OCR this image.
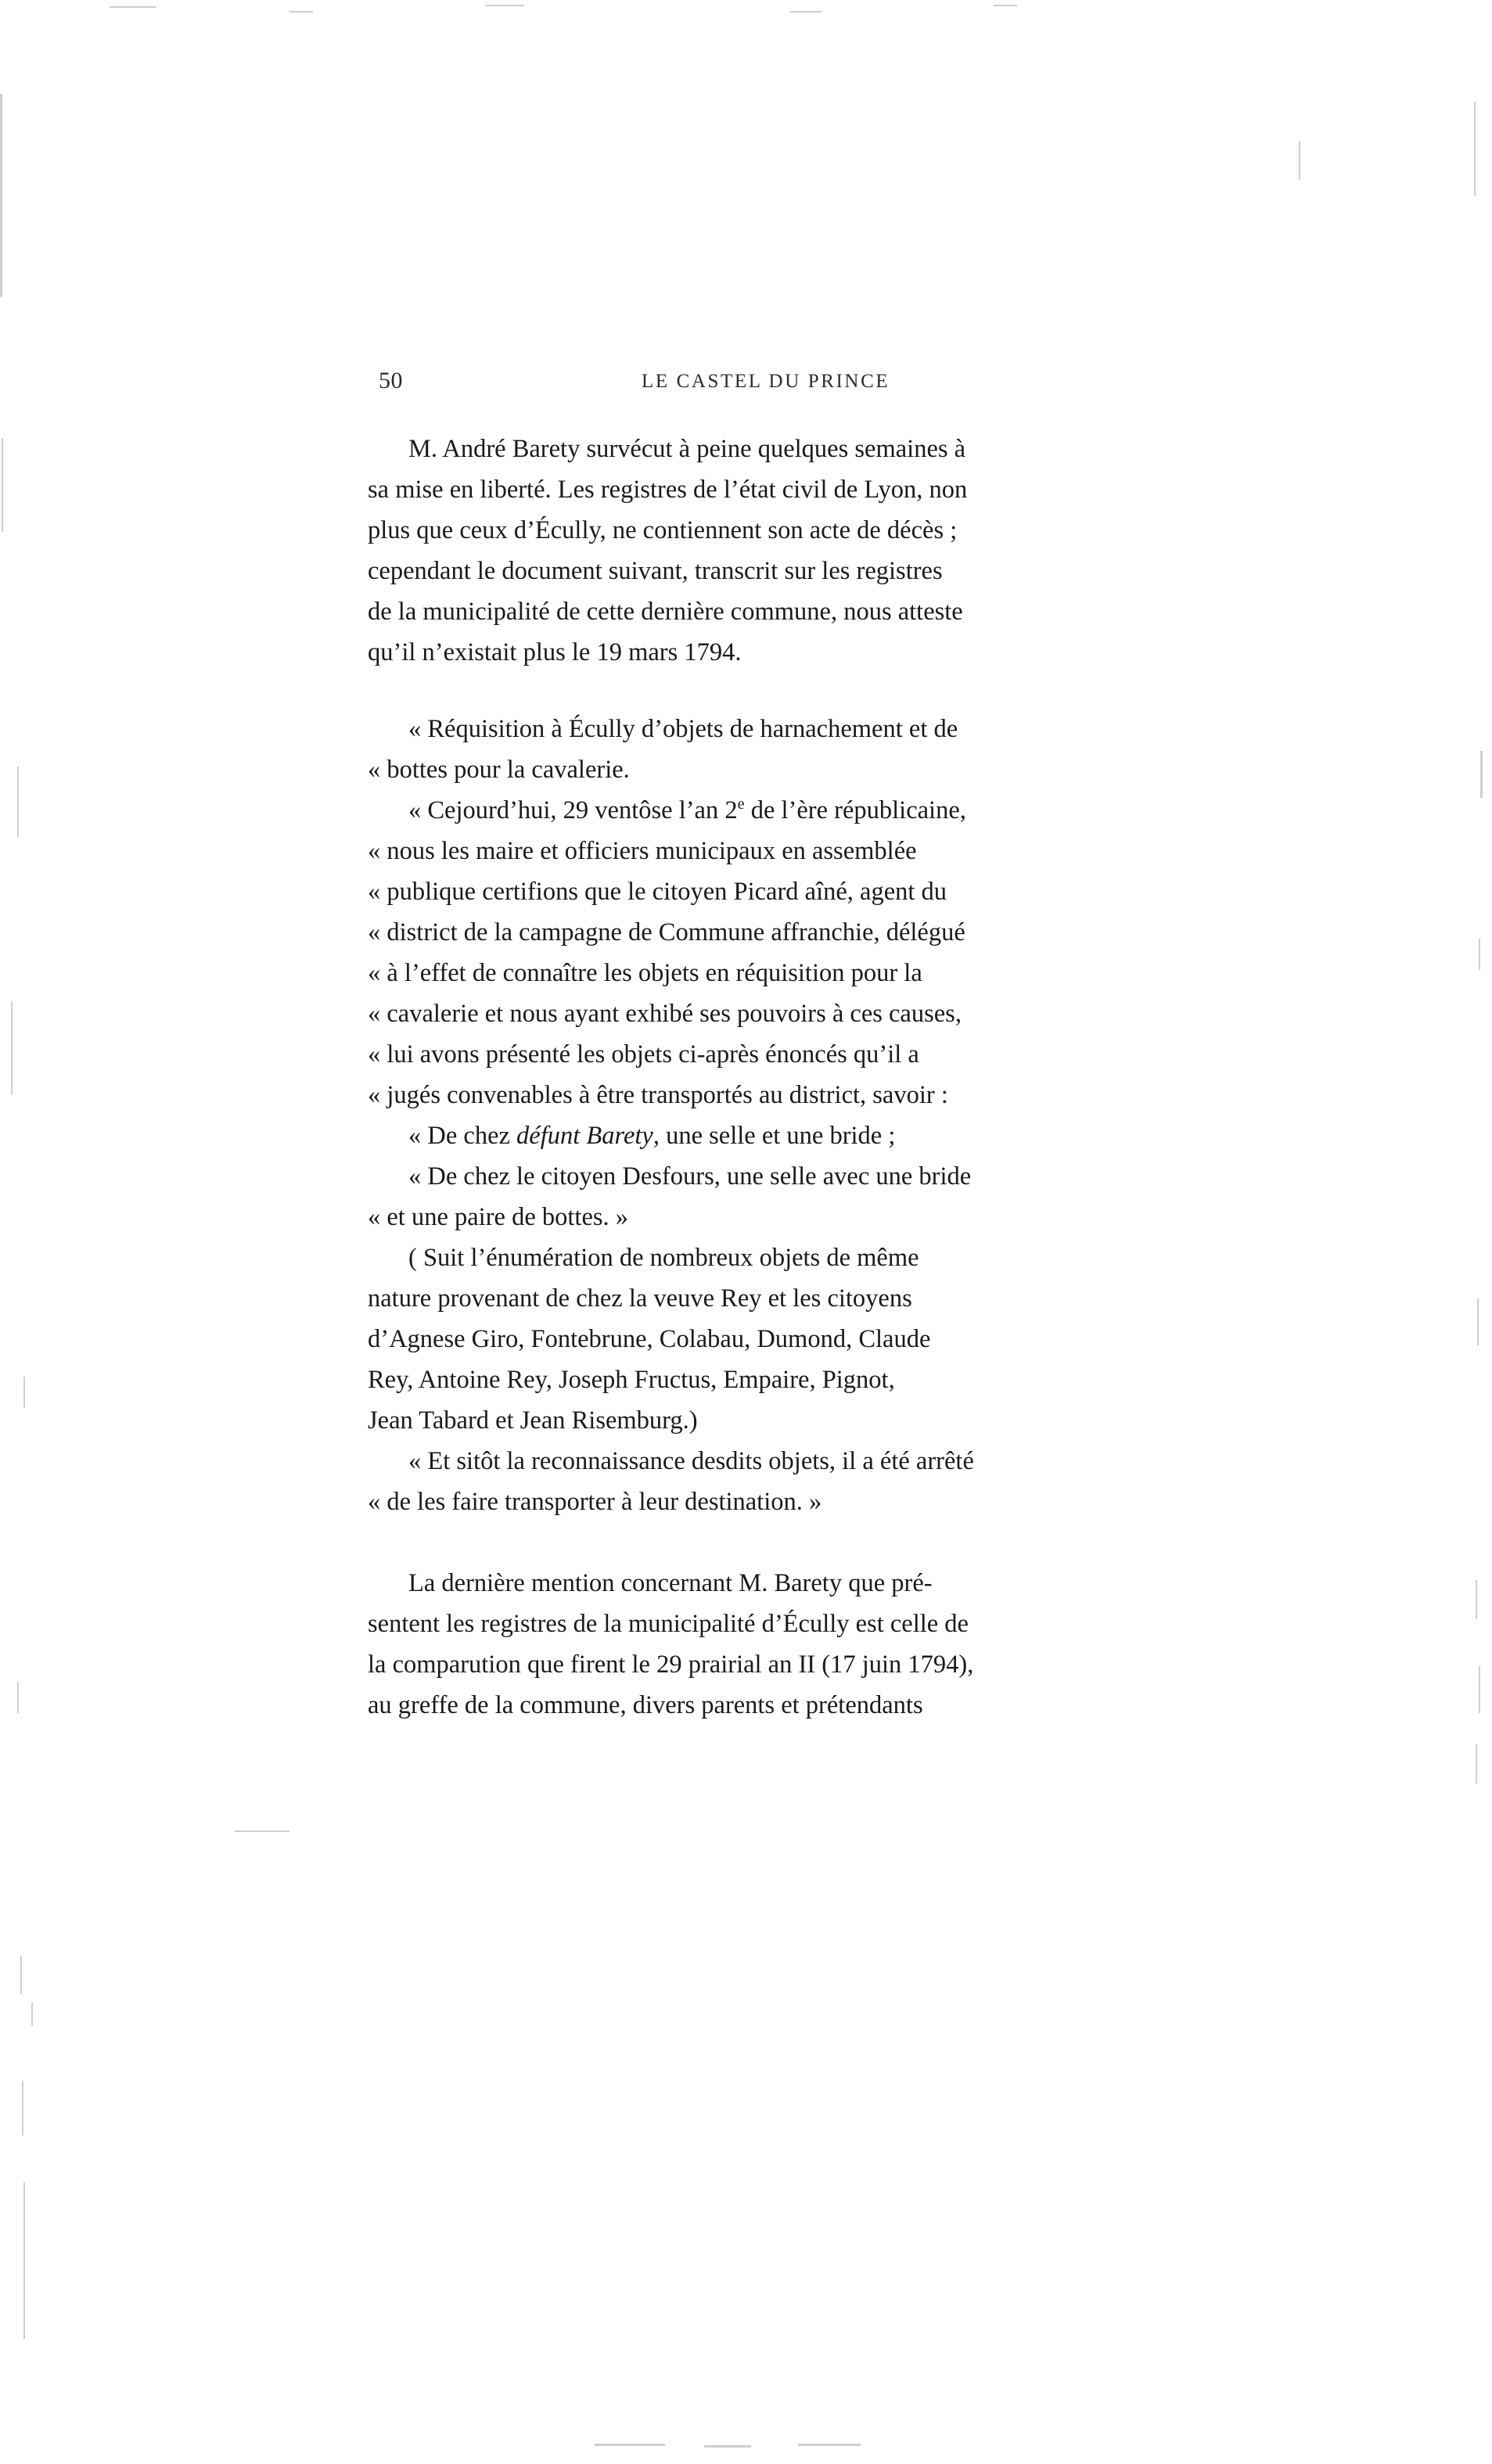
50	LE CASTEL DU PRINCE
M. André Barety survécut à peine quelques semaines à
sa mise en liberté. Les registres de l’état civil de Lyon, non
plus que ceux d’Écully, ne contiennent son acte de décès ;
cependant le document suivant, transcrit sur les registres
de la municipalité de cette dernière commune, nous atteste
qu’il n’existait plus le 19 mars 1794.
« Réquisition à Écully d’objets de harnachement et de
« bottes pour la cavalerie.
« Cejourd’hui, 29 ventôse l’an 2e de l’ère républicaine,
« nous les maire et officiers municipaux en assemblée
« publique certifions que le citoyen Picard aîné, agent du
« district de la campagne de Commune affranchie, délégué
« à l’effet de connaître les objets en réquisition pour la
« cavalerie et nous ayant exhibé ses pouvoirs à ces causes,
« lui avons présenté les objets ci-après énoncés qu’il a
« jugés convenables à être transportés au district, savoir :
« De chez défunt Barety, une selle et une bride ;
« De chez le citoyen Desfours, une selle avec une bride
« et une paire de bottes. »
( Suit l’énumération de nombreux objets de même
nature provenant de chez la veuve Rey et les citoyens
d’Agnese Giro, Fontebrune, Colabau, Dumond, Claude
Rey, Antoine Rey, Joseph Fructus, Empaire, Pignot,
Jean Tabard et Jean Risemburg.)
« Et sitôt la reconnaissance desdits objets, il a été arrêté
« de les faire transporter à leur destination. »
La dernière mention concernant M. Barety que pré-
sentent les registres de la municipalité d’Écully est celle de
la comparution que firent le 29 prairial an II (17 juin 1794),
au greffe de la commune, divers parents et prétendants
